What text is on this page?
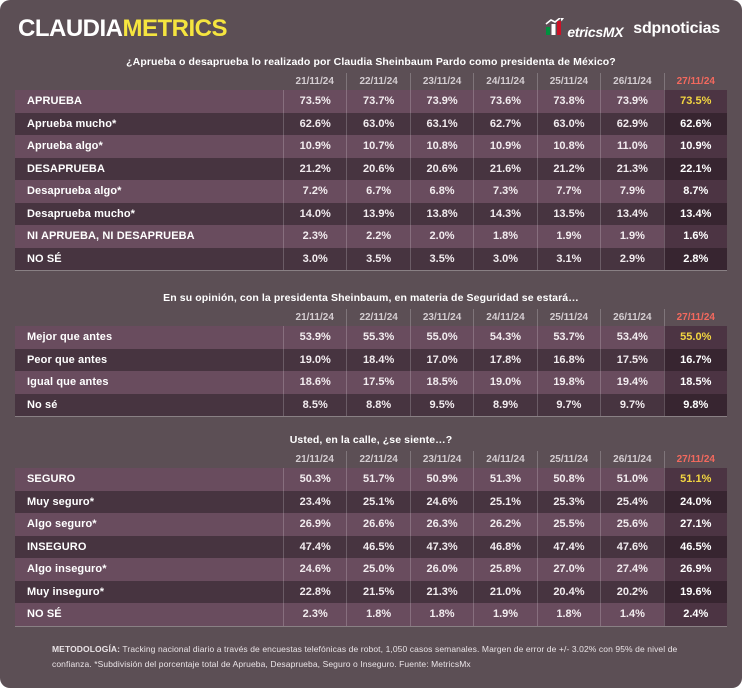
CLAUDIAMETRICS	etricsMX sdpnoticias
¿Aprueba o desaprueba lo realizado por Claudia Sheinbaum Pardo como presidenta de México?
21/11/24	22/11/24	23/11/24	24/11/24	25/11/24	26/11/24	27/11/24
APRUEBA	73.5%	73.7%	73.9%	73.6%	73.8%	73.9%	73.5%
Aprueba mucho*	62.6%	63.0%	63.1%	62.7%	63.0%	62.9%	62.6%
Aprueba algo*	10.9%	10.7%	10.8%	10.9%	10.8%	11.0%	10.9%
DESAPRUEBA	21.2%	20.6%	20.6%	21.6%	21.2%	21.3%	22.1%
Desaprueba algo*	7.2%	6.7%	6.8%	7.3%	7.7%	7.9%	8.7%
Desaprueba mucho*	14.0%	13.9%	13.8%	14.3%	13.5%	13.4%	13.4%
NI APRUEBA, NI DESAPRUEBA	2.3%	2.2%	2.0%	1.8%	1.9%	1.9%	1.6%
NO SÉ	3.0%	3.5%	3.5%	3.0%	3.1%	2.9%	2.8%
En su opinión, con la presidenta Sheinbaum, en materia de Seguridad se estará…
21/11/24	22/11/24	23/11/24	24/11/24	25/11/24	26/11/24	27/11/24
Mejor que antes	53.9%	55.3%	55.0%	54.3%	53.7%	53.4%	55.0%
Peor que antes	19.0%	18.4%	17.0%	17.8%	16.8%	17.5%	16.7%
Igual que antes	18.6%	17.5%	18.5%	19.0%	19.8%	19.4%	18.5%
No sé	8.5%	8.8%	9.5%	8.9%	9.7%	9.7%	9.8%
Usted, en la calle, ¿se siente…?
21/11/24	22/11/24	23/11/24	24/11/24	25/11/24	26/11/24	27/11/24
SEGURO	50.3%	51.7%	50.9%	51.3%	50.8%	51.0%	51.1%
Muy seguro*	23.4%	25.1%	24.6%	25.1%	25.3%	25.4%	24.0%
Algo seguro*	26.9%	26.6%	26.3%	26.2%	25.5%	25.6%	27.1%
INSEGURO	47.4%	46.5%	47.3%	46.8%	47.4%	47.6%	46.5%
Algo inseguro*	24.6%	25.0%	26.0%	25.8%	27.0%	27.4%	26.9%
Muy inseguro*	22.8%	21.5%	21.3%	21.0%	20.4%	20.2%	19.6%
NO SÉ	2.3%	1.8%	1.8%	1.9%	1.8%	1.4%	2.4%
METODOLOGÍA: Tracking nacional diario a través de encuestas telefónicas de robot, 1,050 casos semanales. Margen de error de +/- 3.02% con 95% de nivel de confianza. *Subdivisión del porcentaje total de Aprueba, Desaprueba, Seguro o Inseguro. Fuente: MetricsMx
